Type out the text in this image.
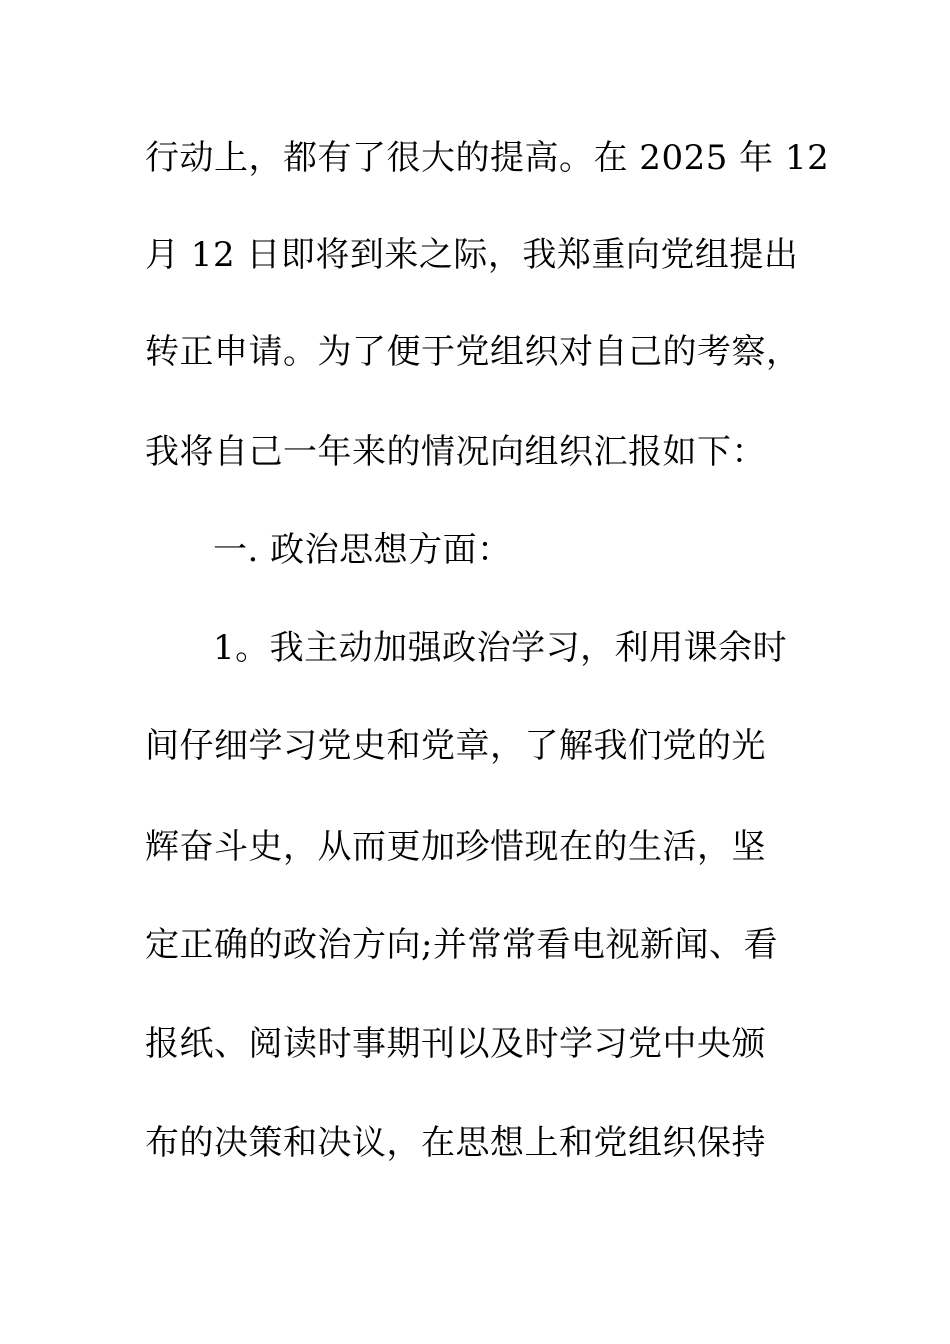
行动上，都有了很大的提高。在 2025 年 12
月 12 日即将到来之际，我郑重向党组提出
转正申请。为了便于党组织对自己的考察，
我将自己一年来的情况向组织汇报如下：
一. 政治思想方面：
1。我主动加强政治学习，利用课余时
间仔细学习党史和党章，了解我们党的光
辉奋斗史，从而更加珍惜现在的生活，坚
定正确的政治方向;并常常看电视新闻、看
报纸、阅读时事期刊以及时学习党中央颁
布的决策和决议，在思想上和党组织保持
